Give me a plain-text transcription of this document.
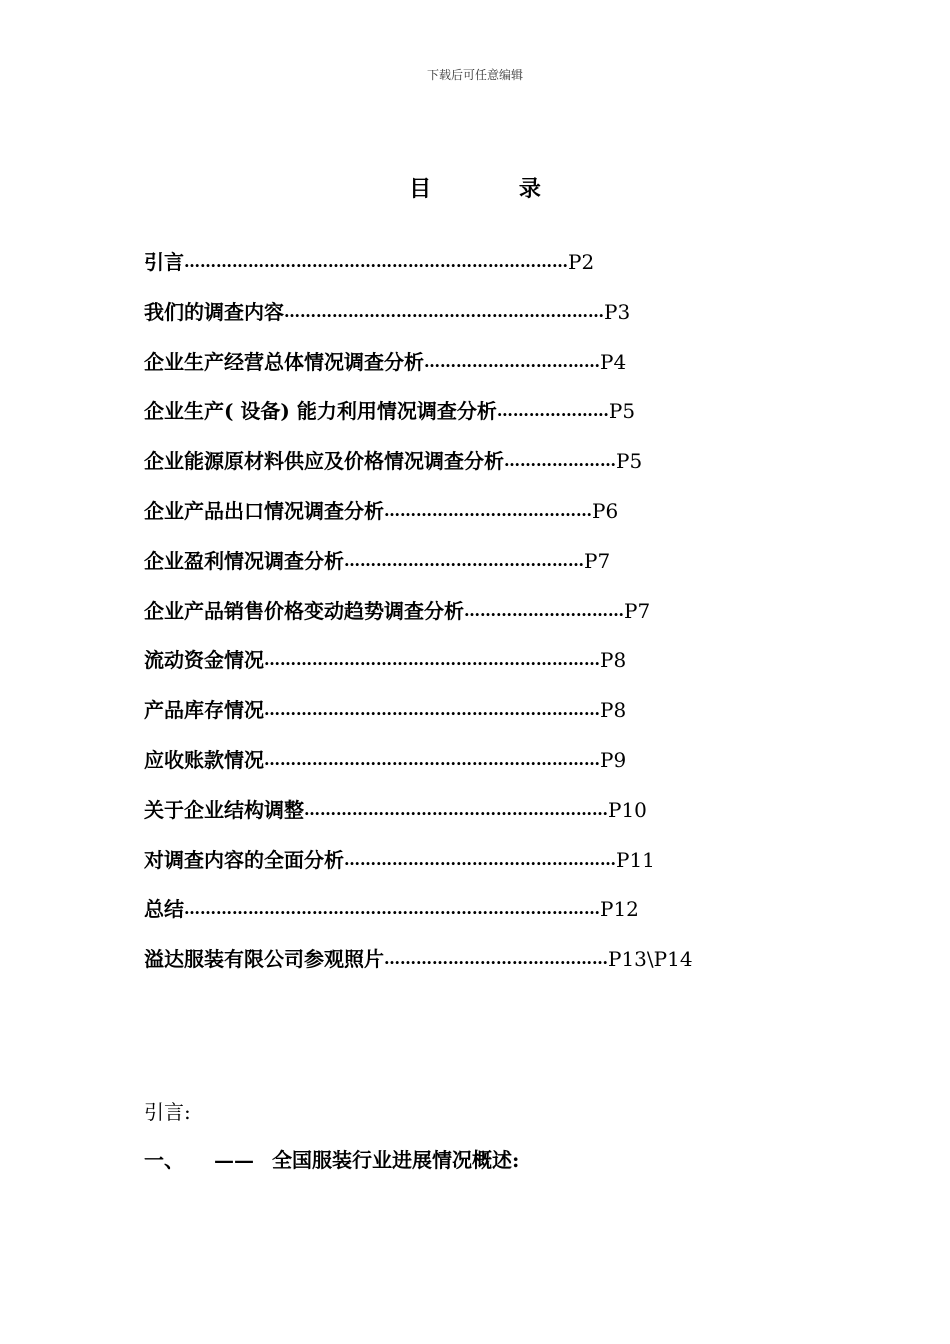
下载后可任意编辑
目 录
引言 ……………………………………………………………… P2
我们的调查内容 …………………………………………………… P3
企业生产经营总体情况调查分析 …………………………… P4
企业生产( 设备) 能力利用情况调查分析 ………………… P5
企业能源原材料供应及价格情况调查分析 ………………… P5
企业产品出口情况调查分析 ………………………………… P6
企业盈利情况调查分析 ……………………………………… P7
企业产品销售价格变动趋势调查分析 ………………………… P7
流动资金情况 ……………………………………………………… P8
产品库存情况 ……………………………………………………… P8
应收账款情况 ……………………………………………………… P9
关于企业结构调整 ………………………………………………… P10
对调查内容的全面分析 …………………………………………… P11
总结 …………………………………………………………………… P12
溢达服装有限公司参观照片 …………………………………… P13\P14
引言:
一、 —— 全国服装行业进展情况概述:
